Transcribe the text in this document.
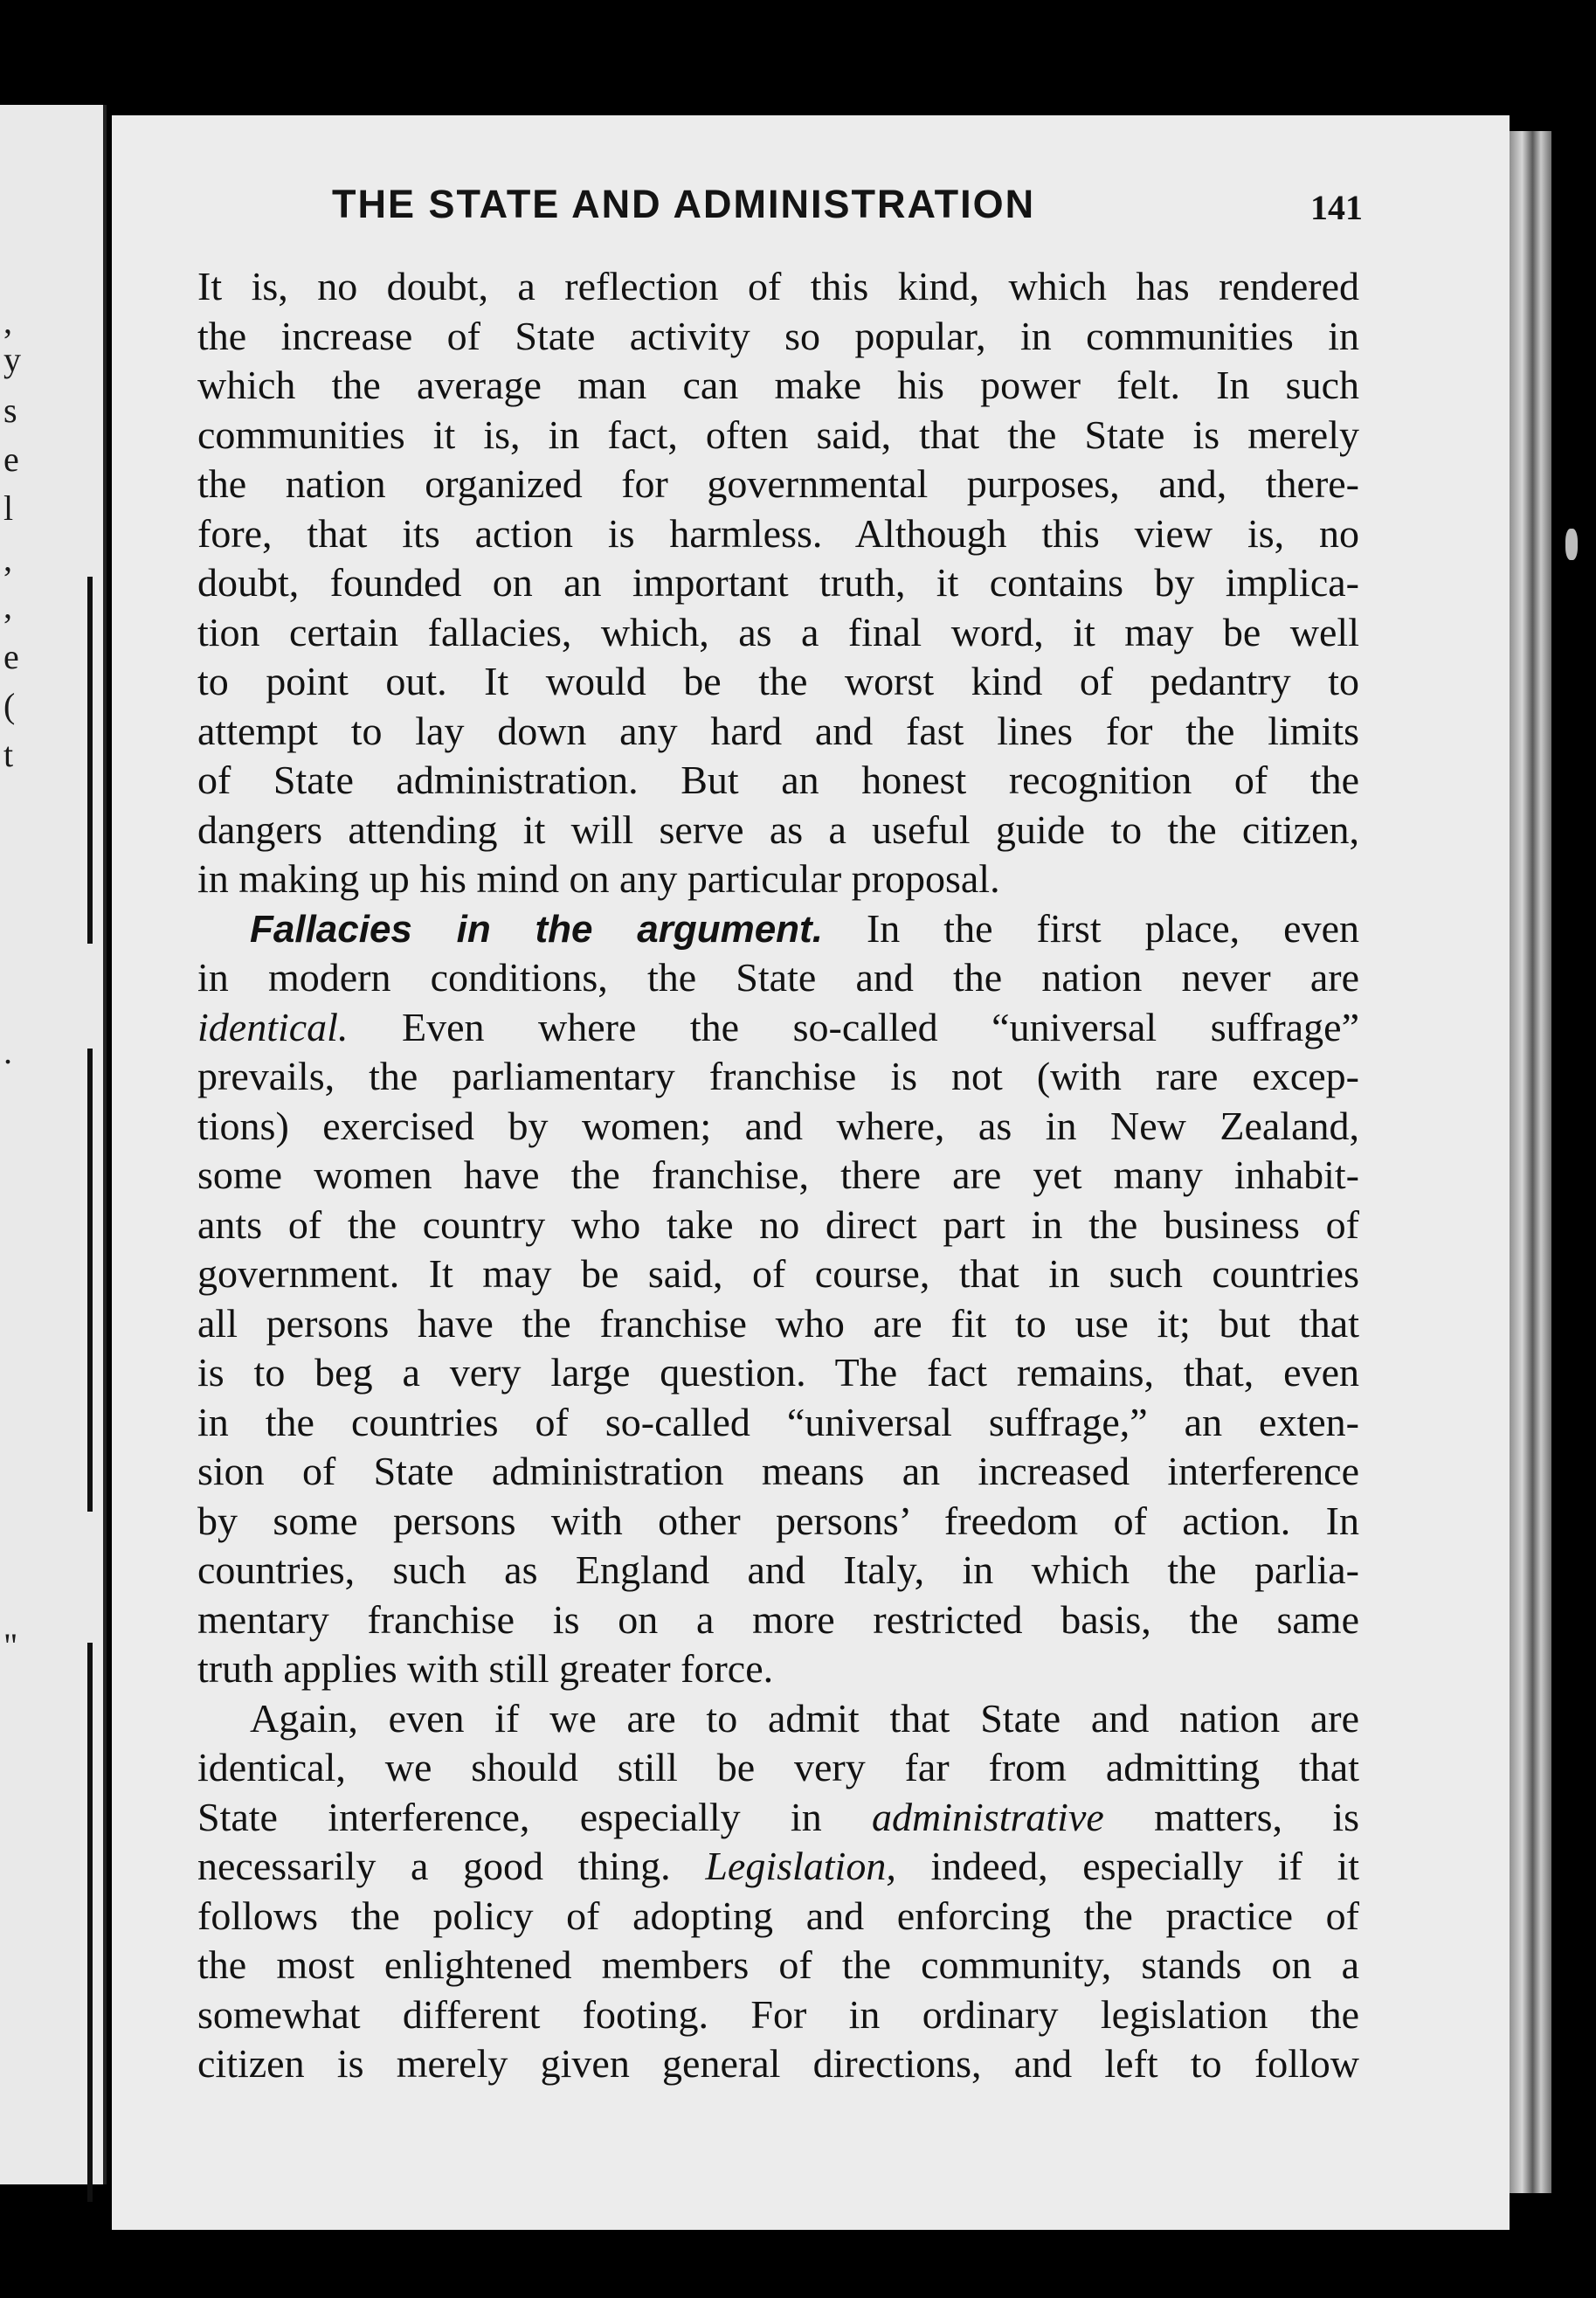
,
y
s
e
l
,
,
e
(
t
.
"
THE STATE AND ADMINISTRATION	141
It is, no doubt, a reflection of this kind, which has rendered
the increase of State activity so popular, in communities in
which the average man can make his power felt. In such
communities it is, in fact, often said, that the State is merely
the nation organized for governmental purposes, and, there-
fore, that its action is harmless. Although this view is, no
doubt, founded on an important truth, it contains by implica-
tion certain fallacies, which, as a final word, it may be well
to point out. It would be the worst kind of pedantry to
attempt to lay down any hard and fast lines for the limits
of State administration. But an honest recognition of the
dangers attending it will serve as a useful guide to the citizen,
in making up his mind on any particular proposal.
Fallacies in the argument. In the first place, even
in modern conditions, the State and the nation never are
identical. Even where the so-called “universal suffrage”
prevails, the parliamentary franchise is not (with rare excep-
tions) exercised by women; and where, as in New Zealand,
some women have the franchise, there are yet many inhabit-
ants of the country who take no direct part in the business of
government. It may be said, of course, that in such countries
all persons have the franchise who are fit to use it; but that
is to beg a very large question. The fact remains, that, even
in the countries of so-called “universal suffrage,” an exten-
sion of State administration means an increased interference
by some persons with other persons’ freedom of action. In
countries, such as England and Italy, in which the parlia-
mentary franchise is on a more restricted basis, the same
truth applies with still greater force.
Again, even if we are to admit that State and nation are
identical, we should still be very far from admitting that
State interference, especially in administrative matters, is
necessarily a good thing. Legislation, indeed, especially if it
follows the policy of adopting and enforcing the practice of
the most enlightened members of the community, stands on a
somewhat different footing. For in ordinary legislation the
citizen is merely given general directions, and left to follow
